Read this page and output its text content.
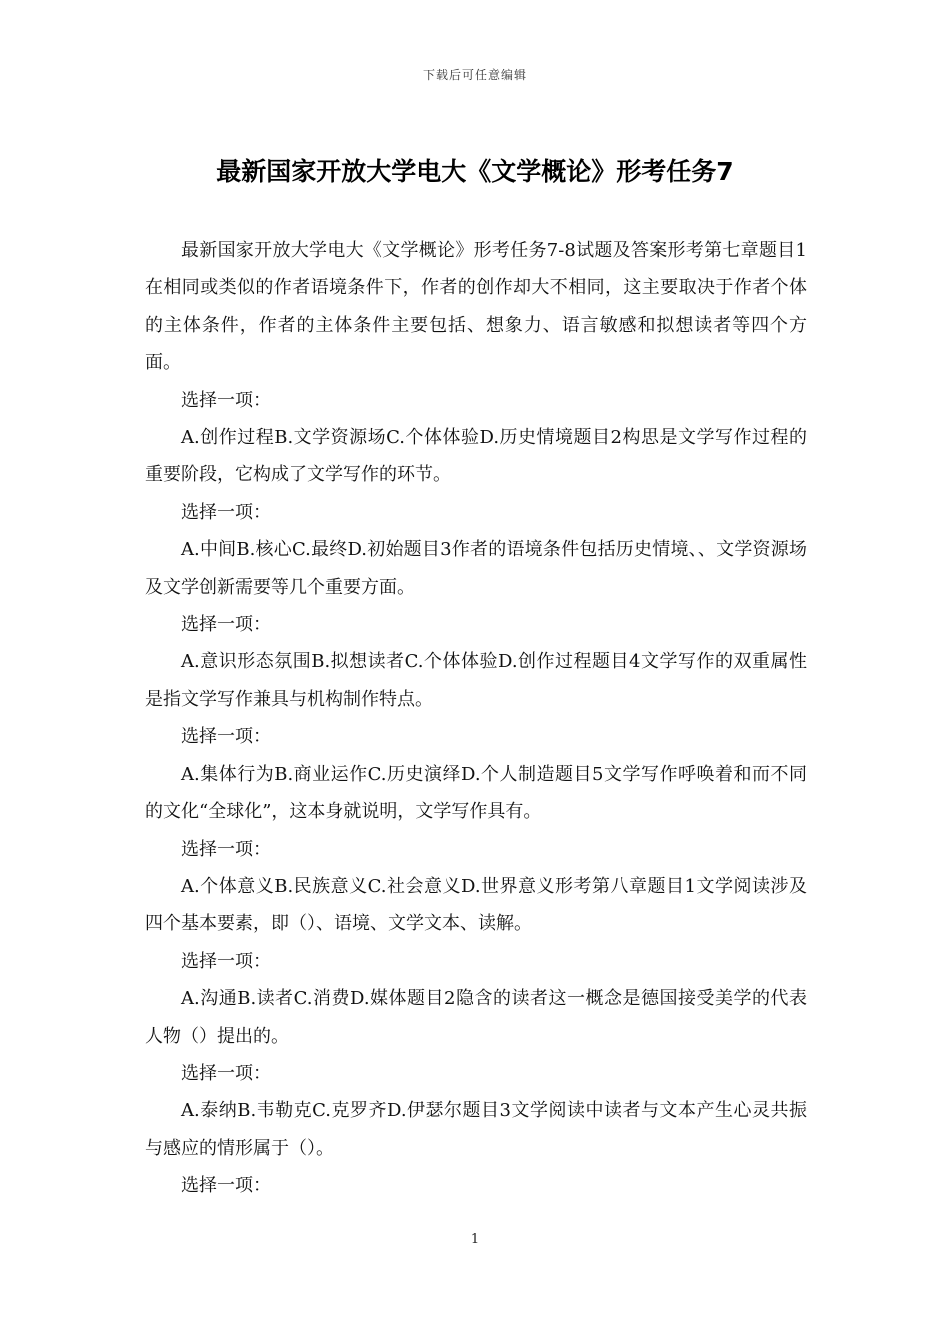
下载后可任意编辑
最新国家开放大学电大《文学概论》形考任务7

最新国家开放大学电大《文学概论》形考任务7-8试题及答案形考第七章题目1在相同或类似的作者语境条件下，作者的创作却大不相同，这主要取决于作者个体的主体条件，作者的主体条件主要包括、想象力、语言敏感和拟想读者等四个方面。

选择一项：

A.创作过程B.文学资源场C.个体体验D.历史情境题目2构思是文学写作过程的重要阶段，它构成了文学写作的环节。

选择一项：

A.中间B.核心C.最终D.初始题目3作者的语境条件包括历史情境、、文学资源场及文学创新需要等几个重要方面。

选择一项：

A.意识形态氛围B.拟想读者C.个体体验D.创作过程题目4文学写作的双重属性是指文学写作兼具与机构制作特点。

选择一项：

A.集体行为B.商业运作C.历史演绎D.个人制造题目5文学写作呼唤着和而不同的文化“全球化”，这本身就说明，文学写作具有。

选择一项：

A.个体意义B.民族意义C.社会意义D.世界意义形考第八章题目1文学阅读涉及四个基本要素，即（）、语境、文学文本、读解。

选择一项：

A.沟通B.读者C.消费D.媒体题目2隐含的读者这一概念是德国接受美学的代表人物（）提出的。

选择一项：

A.泰纳B.韦勒克C.克罗齐D.伊瑟尔题目3文学阅读中读者与文本产生心灵共振与感应的情形属于（）。

选择一项：

1
